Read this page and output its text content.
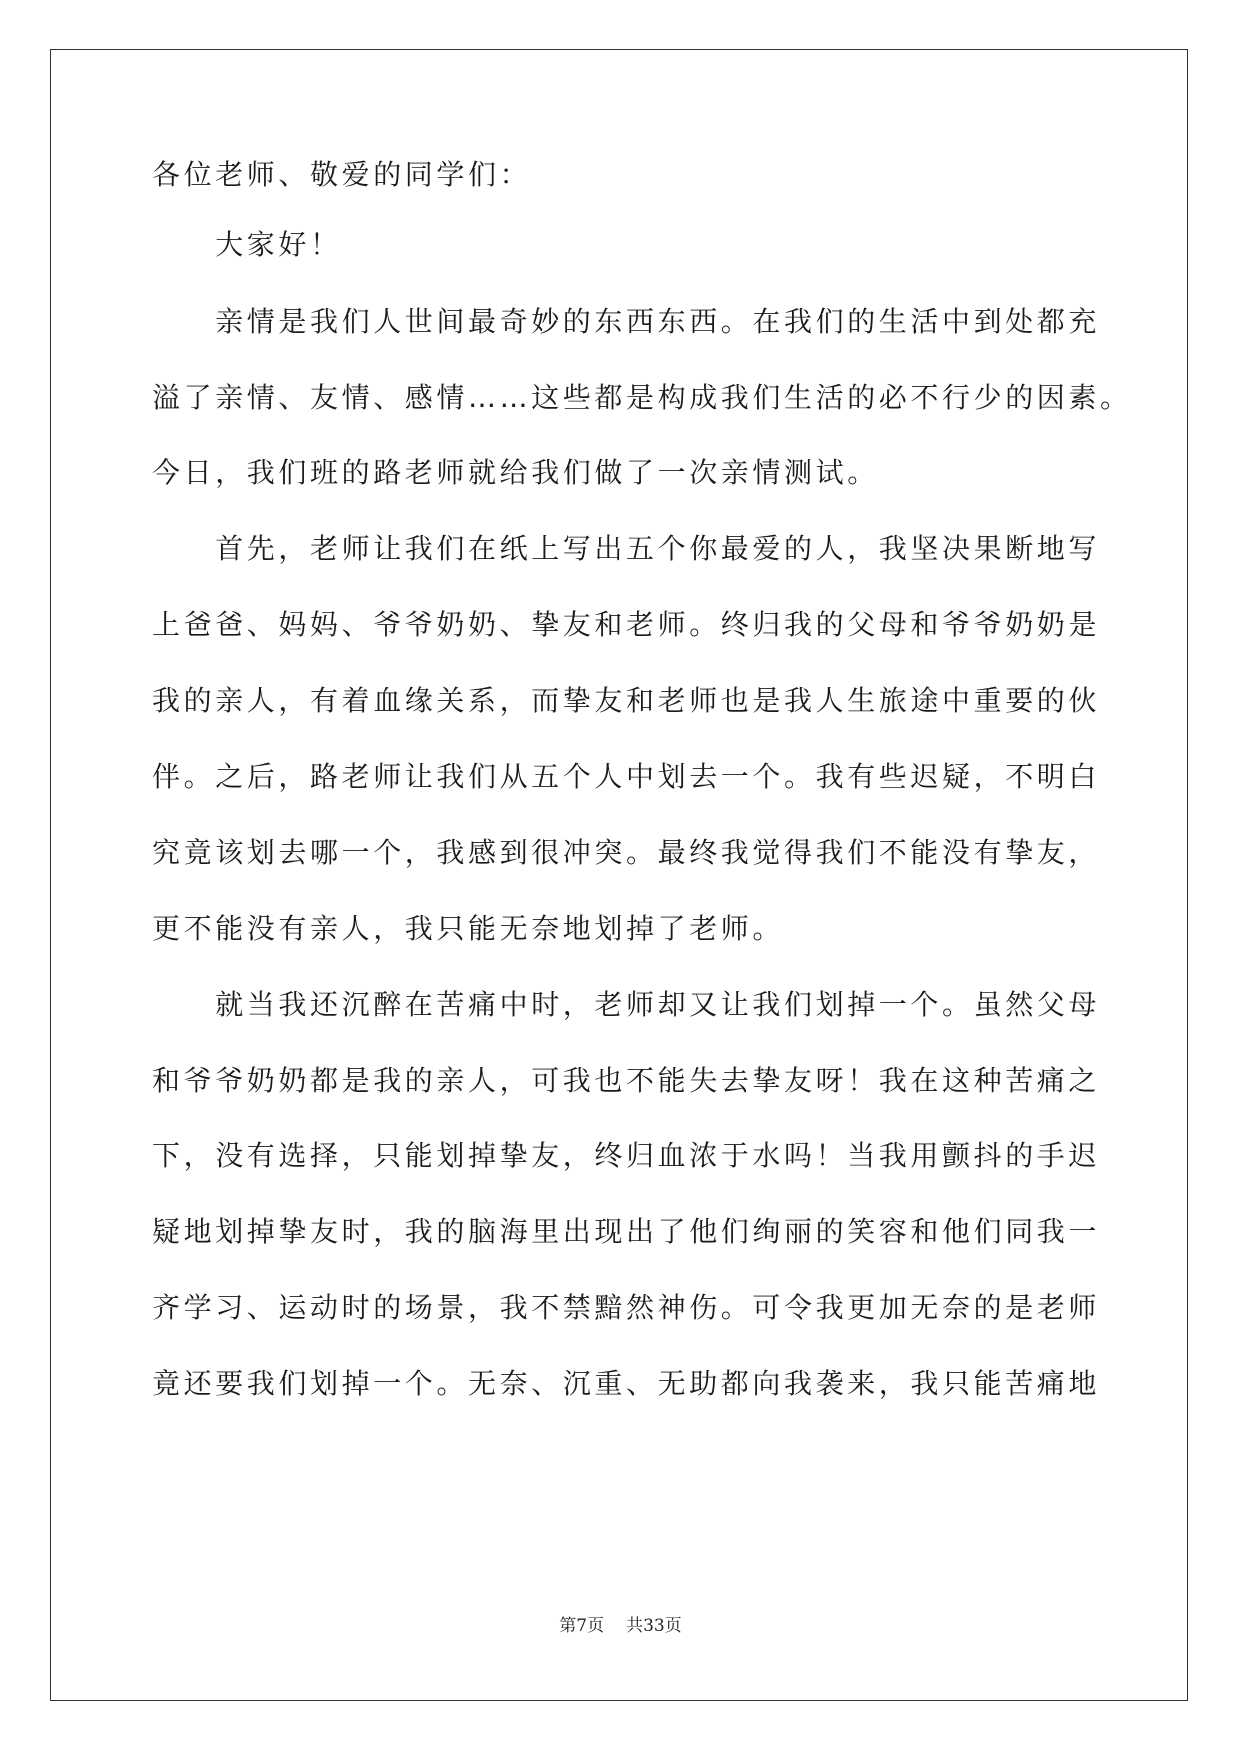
各位老师、敬爱的同学们：
　　大家好！
　　亲情是我们人世间最奇妙的东西东西。在我们的生活中到处都充
溢了亲情、友情、感情……这些都是构成我们生活的必不行少的因素。
今日，我们班的路老师就给我们做了一次亲情测试。
　　首先，老师让我们在纸上写出五个你最爱的人，我坚决果断地写
上爸爸、妈妈、爷爷奶奶、挚友和老师。终归我的父母和爷爷奶奶是
我的亲人，有着血缘关系，而挚友和老师也是我人生旅途中重要的伙
伴。之后，路老师让我们从五个人中划去一个。我有些迟疑，不明白
究竟该划去哪一个，我感到很冲突。最终我觉得我们不能没有挚友，
更不能没有亲人，我只能无奈地划掉了老师。
　　就当我还沉醉在苦痛中时，老师却又让我们划掉一个。虽然父母
和爷爷奶奶都是我的亲人，可我也不能失去挚友呀！我在这种苦痛之
下，没有选择，只能划掉挚友，终归血浓于水吗！当我用颤抖的手迟
疑地划掉挚友时，我的脑海里出现出了他们绚丽的笑容和他们同我一
齐学习、运动时的场景，我不禁黯然神伤。可令我更加无奈的是老师
竟还要我们划掉一个。无奈、沉重、无助都向我袭来，我只能苦痛地
第7页 共33页
